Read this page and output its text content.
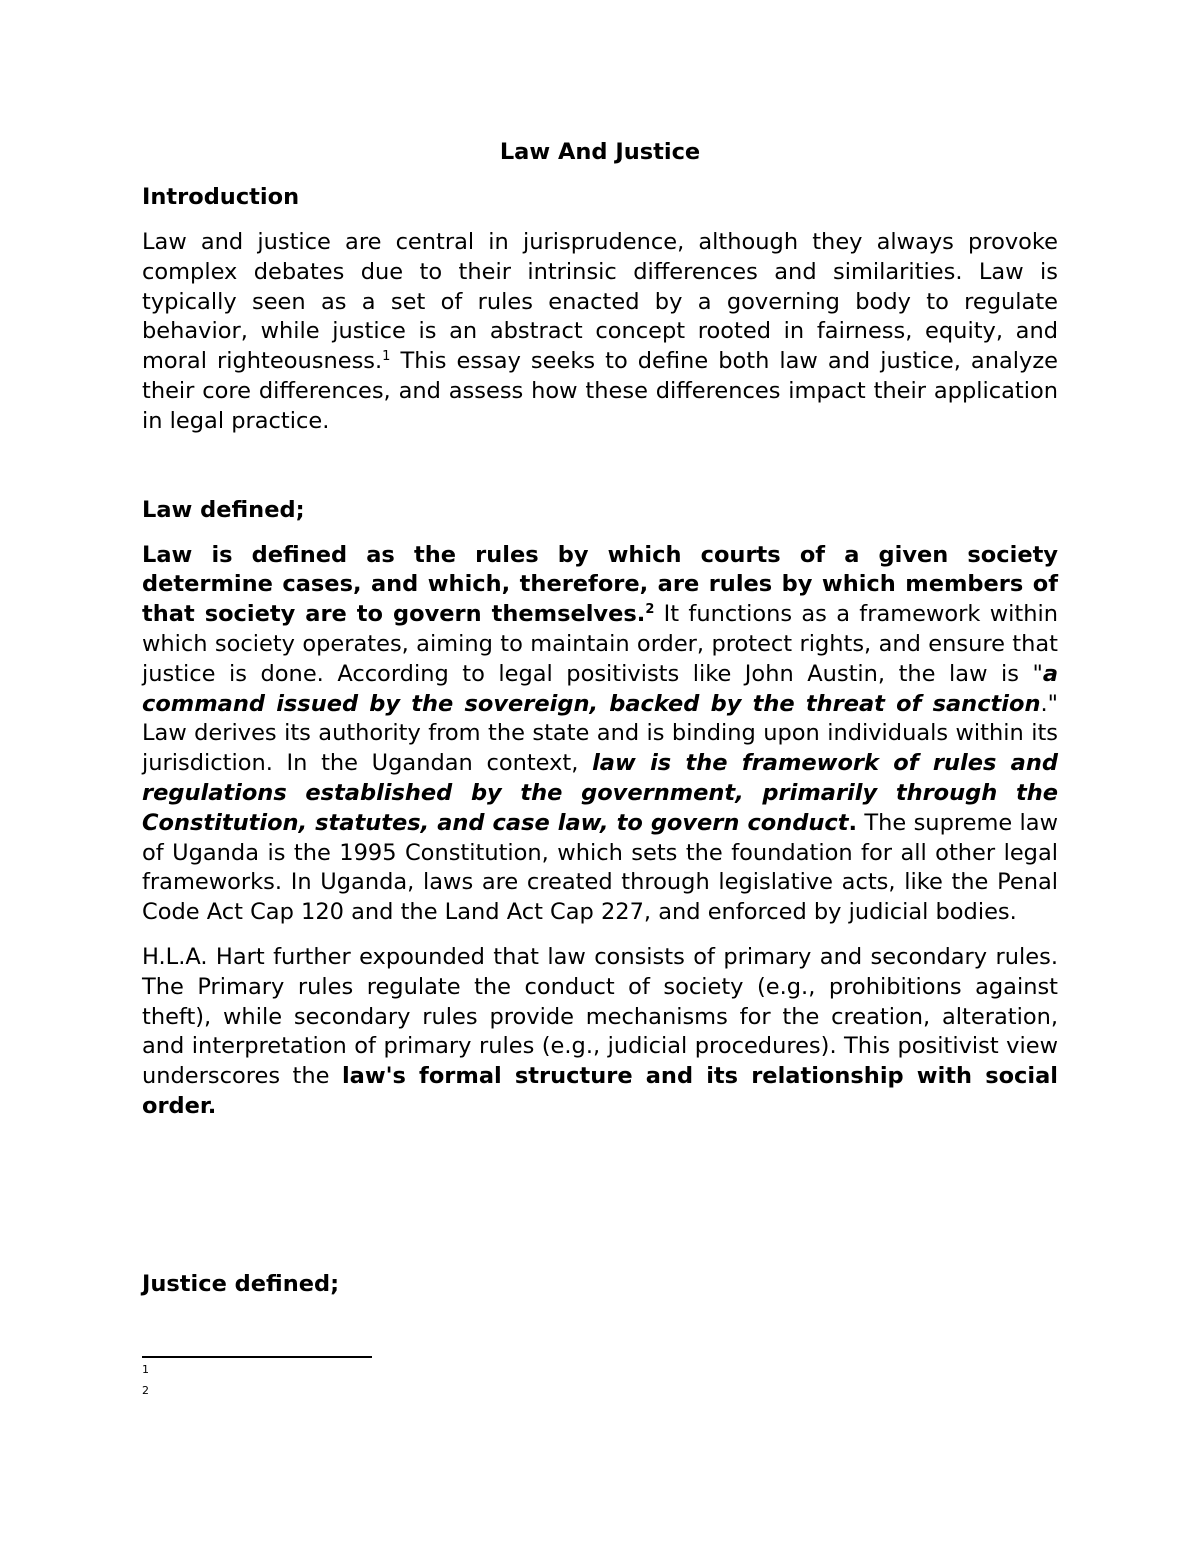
Law And Justice
Introduction

Law and justice are central in jurisprudence, although they always provoke complex debates due to their intrinsic differences and similarities. Law is typically seen as a set of rules enacted by a governing body to regulate behavior, while justice is an abstract concept rooted in fairness, equity, and moral righteousness.$^1$ This essay seeks to define both law and justice, analyze their core differences, and assess how these differences impact their application in legal practice.

Law defined;

Law is defined as the rules by which courts of a given society determine cases, and which, therefore, are rules by which members of that society are to govern themselves.$^2$ It functions as a framework within which society operates, aiming to maintain order, protect rights, and ensure that justice is done. According to legal positivists like John Austin, the law is "a command issued by the sovereign, backed by the threat of sanction." Law derives its authority from the state and is binding upon individuals within its jurisdiction. In the Ugandan context, law is the framework of rules and regulations established by the government, primarily through the Constitution, statutes, and case law, to govern conduct. The supreme law of Uganda is the 1995 Constitution, which sets the foundation for all other legal frameworks. In Uganda, laws are created through legislative acts, like the Penal Code Act Cap 120 and the Land Act Cap 227, and enforced by judicial bodies.

H.L.A. Hart further expounded that law consists of primary and secondary rules. The Primary rules regulate the conduct of society (e.g., prohibitions against theft), while secondary rules provide mechanisms for the creation, alteration, and interpretation of primary rules (e.g., judicial procedures). This positivist view underscores the law's formal structure and its relationship with social order.

Justice defined;
1
2
